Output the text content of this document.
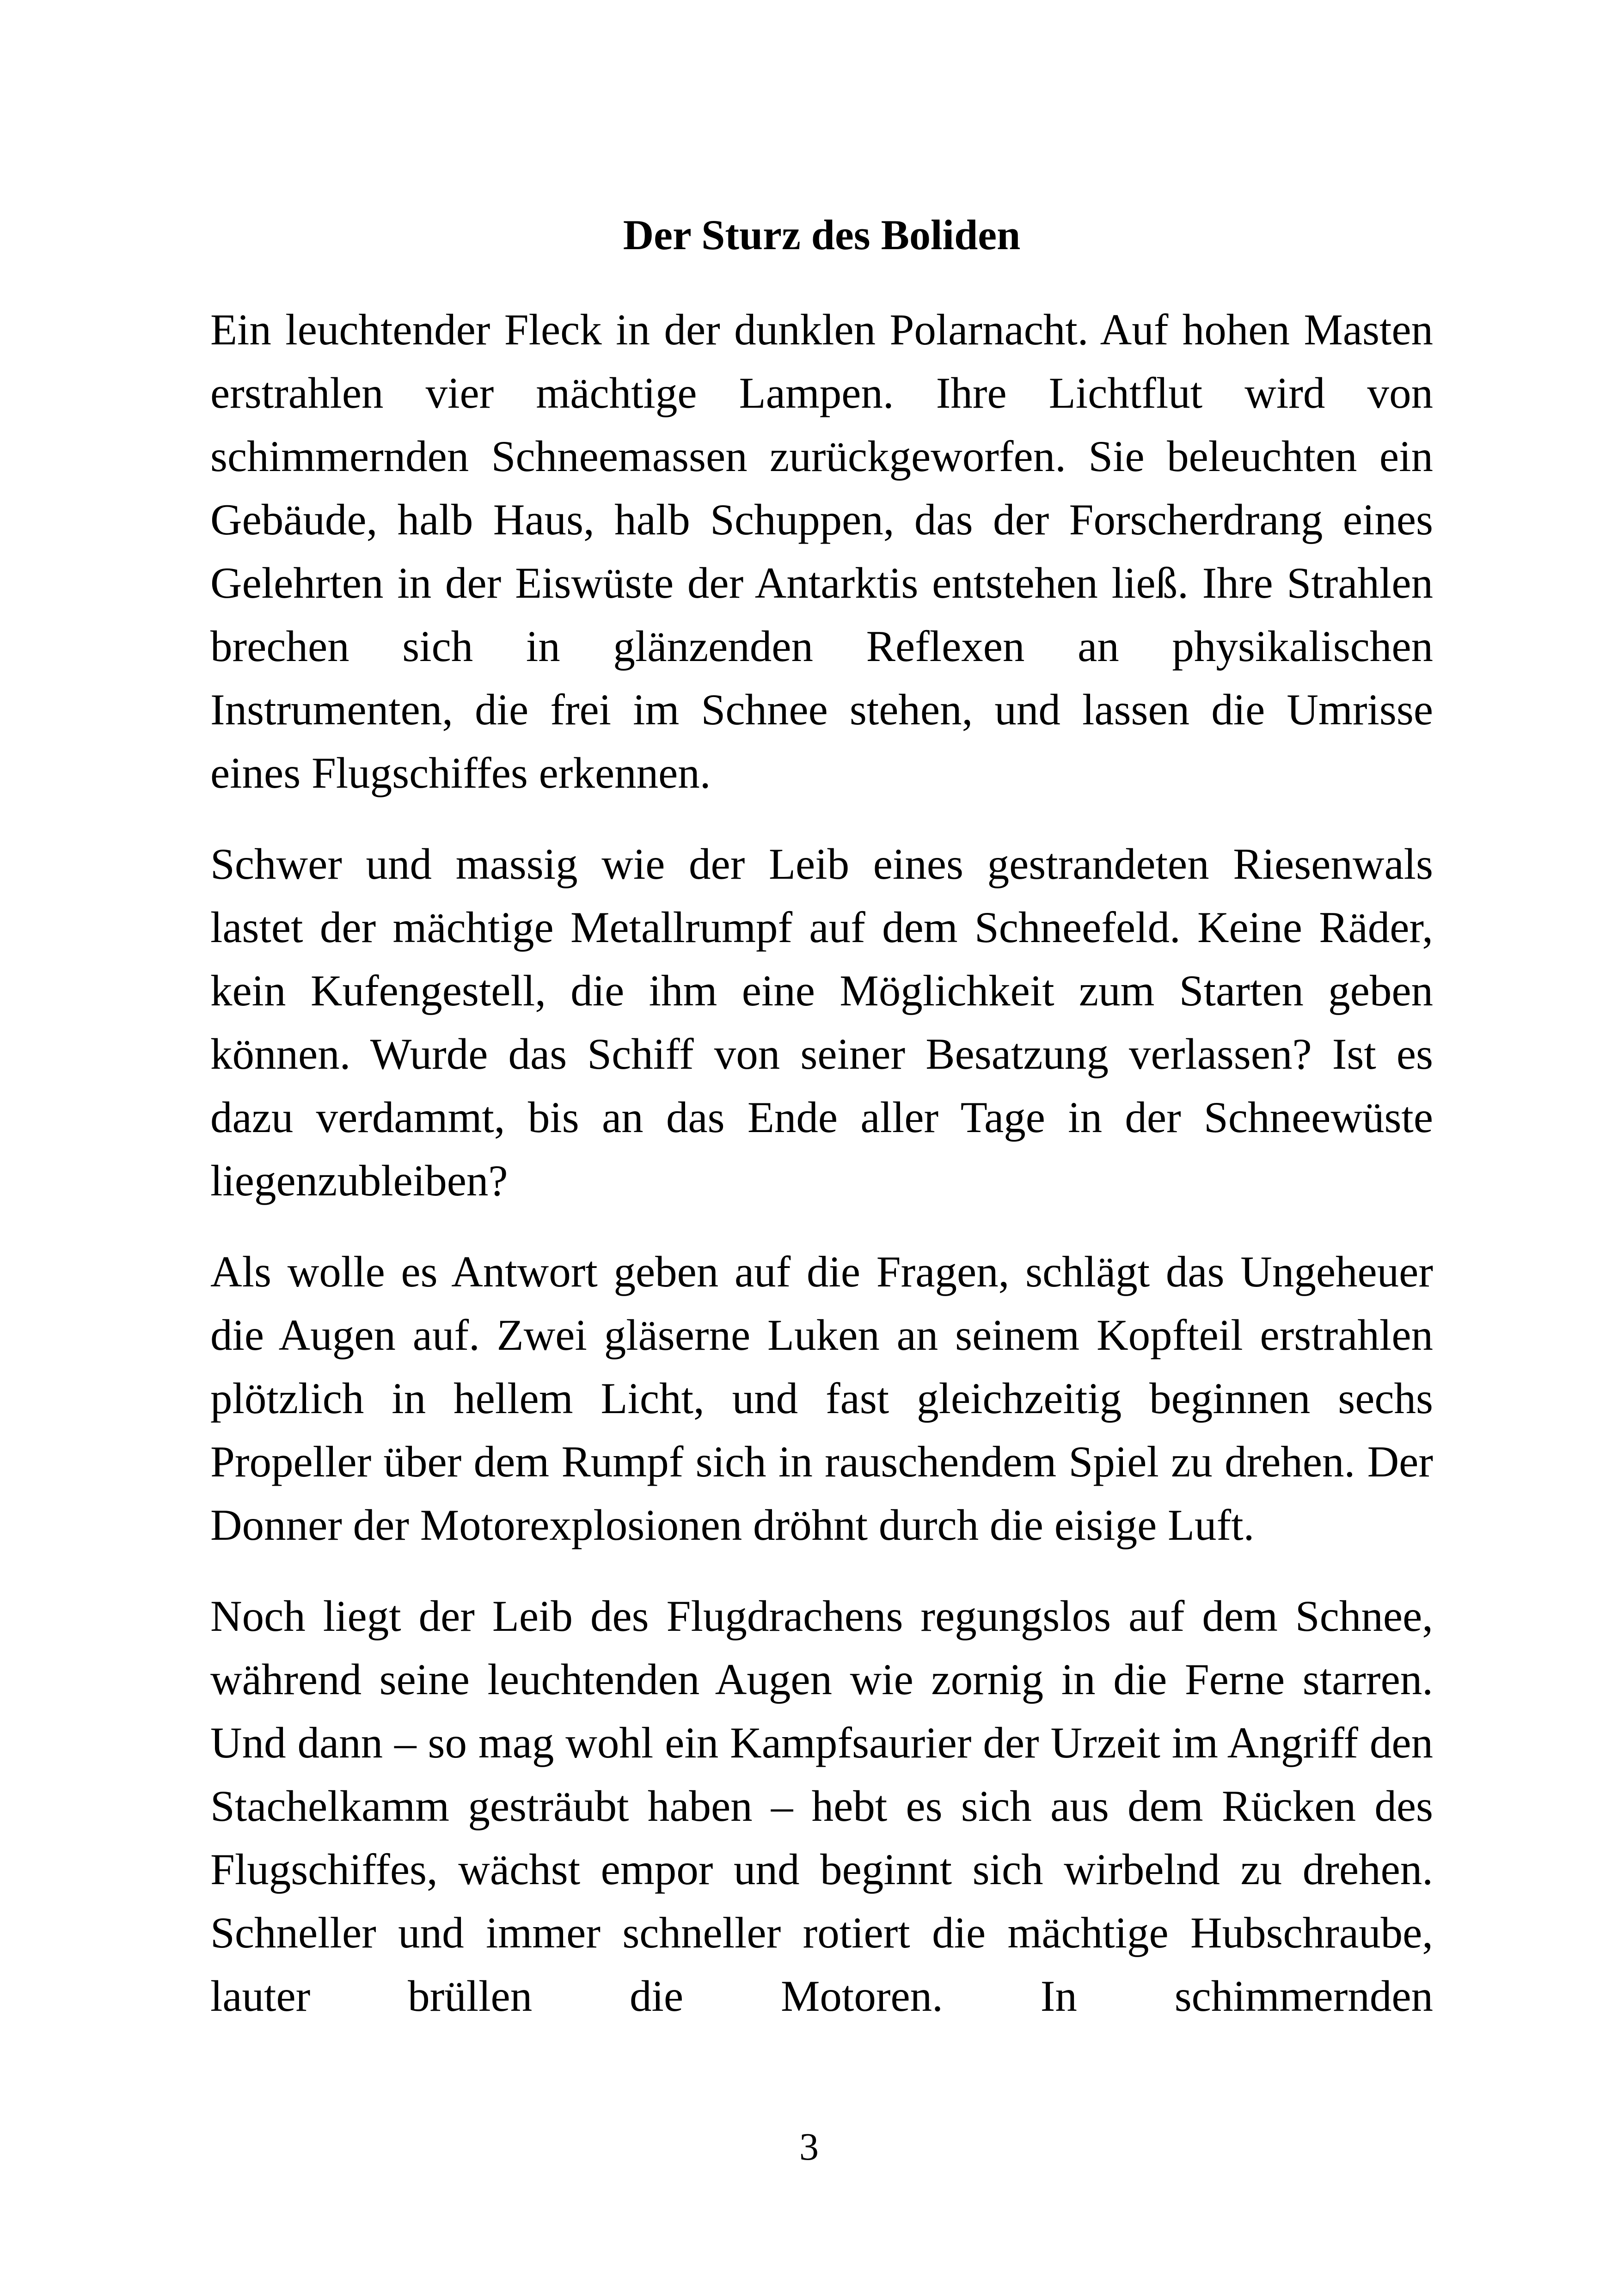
Der Sturz des Boliden

Ein leuchtender Fleck in der dunklen Polarnacht. Auf hohen Masten erstrahlen vier mächtige Lampen. Ihre Lichtflut wird von schimmernden Schneemassen zurückgeworfen. Sie beleuchten ein Gebäude, halb Haus, halb Schuppen, das der Forscherdrang eines Gelehrten in der Eiswüste der Antarktis entstehen ließ. Ihre Strahlen brechen sich in glänzenden Reflexen an physikalischen Instrumenten, die frei im Schnee stehen, und lassen die Umrisse eines Flugschiffes erkennen.

Schwer und massig wie der Leib eines gestrandeten Riesenwals lastet der mächtige Metallrumpf auf dem Schneefeld. Keine Räder, kein Kufengestell, die ihm eine Möglichkeit zum Starten geben können. Wurde das Schiff von seiner Besatzung verlassen? Ist es dazu verdammt, bis an das Ende aller Tage in der Schneewüste liegenzubleiben?

Als wolle es Antwort geben auf die Fragen, schlägt das Ungeheuer die Augen auf. Zwei gläserne Luken an seinem Kopfteil erstrahlen plötzlich in hellem Licht, und fast gleichzeitig beginnen sechs Propeller über dem Rumpf sich in rauschendem Spiel zu drehen. Der Donner der Motorexplosionen dröhnt durch die eisige Luft.

Noch liegt der Leib des Flugdrachens regungslos auf dem Schnee, während seine leuchtenden Augen wie zornig in die Ferne starren. Und dann – so mag wohl ein Kampfsaurier der Urzeit im Angriff den Stachelkamm gesträubt haben – hebt es sich aus dem Rücken des Flugschiffes, wächst empor und beginnt sich wirbelnd zu drehen. Schneller und immer schneller rotiert die mächtige Hubschraube, lauter brüllen die Motoren. In schimmernden

3
